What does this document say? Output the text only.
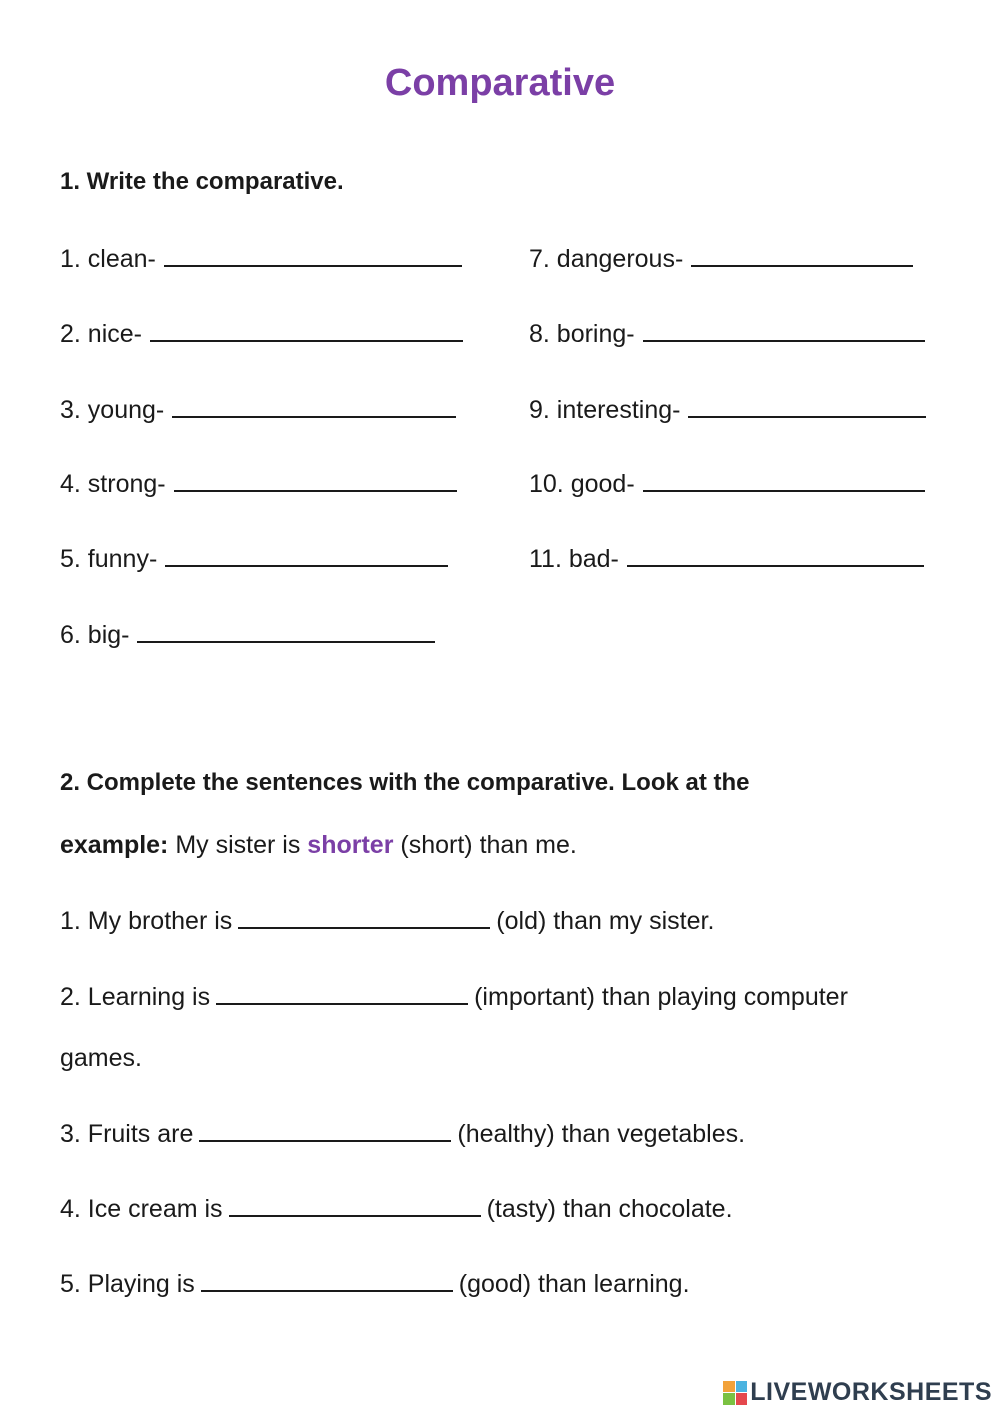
Comparative

1. Write the comparative.

1. clean-
2. nice-
3. young-
4. strong-
5. funny-
6. big-
7. dangerous-
8. boring-
9. interesting-
10. good-
11. bad-

2. Complete the sentences with the comparative. Look at the

example: My sister is shorter (short) than me.
1. My brother is	(old) than my sister.
2. Learning is	(important) than playing computer
games.
3. Fruits are	(healthy) than vegetables.
4. Ice cream is	(tasty) than chocolate.
5. Playing is	(good) than learning.
LIVEWORKSHEETS
